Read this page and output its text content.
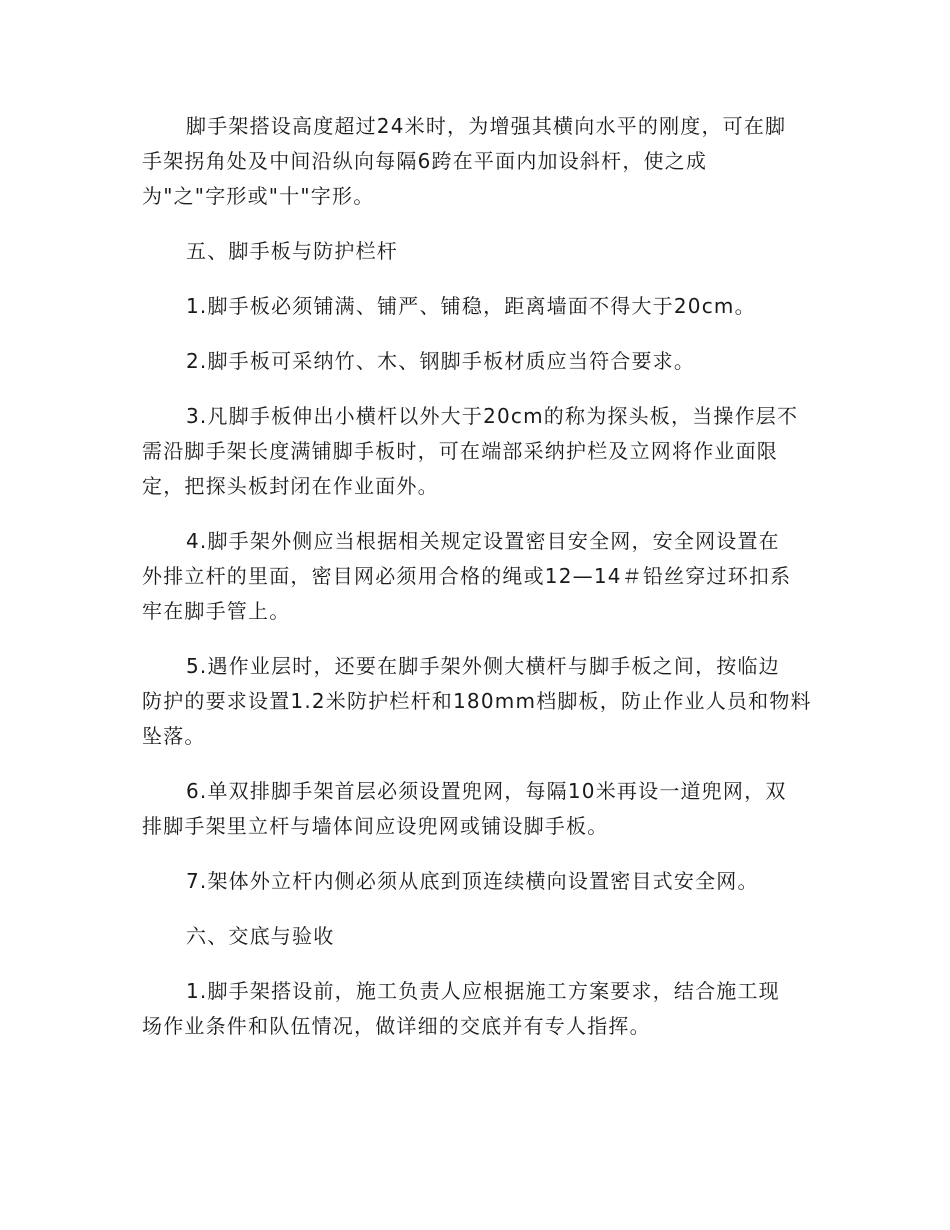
脚手架搭设高度超过24米时，为增强其横向水平的刚度，可在脚
手架拐角处及中间沿纵向每隔6跨在平面内加设斜杆，使之成
为"之"字形或"十"字形。

五、脚手板与防护栏杆

1.脚手板必须铺满、铺严、铺稳，距离墙面不得大于20cm。

2.脚手板可采纳竹、木、钢脚手板材质应当符合要求。

3.凡脚手板伸出小横杆以外大于20cm的称为探头板，当操作层不
需沿脚手架长度满铺脚手板时，可在端部采纳护栏及立网将作业面限
定，把探头板封闭在作业面外。

4.脚手架外侧应当根据相关规定设置密目安全网，安全网设置在
外排立杆的里面，密目网必须用合格的绳或12—14＃铅丝穿过环扣系
牢在脚手管上。

5.遇作业层时，还要在脚手架外侧大横杆与脚手板之间，按临边
防护的要求设置1.2米防护栏杆和180mm档脚板，防止作业人员和物料
坠落。

6.单双排脚手架首层必须设置兜网，每隔10米再设一道兜网，双
排脚手架里立杆与墙体间应设兜网或铺设脚手板。

7.架体外立杆内侧必须从底到顶连续横向设置密目式安全网。

六、交底与验收

1.脚手架搭设前，施工负责人应根据施工方案要求，结合施工现
场作业条件和队伍情况，做详细的交底并有专人指挥。
